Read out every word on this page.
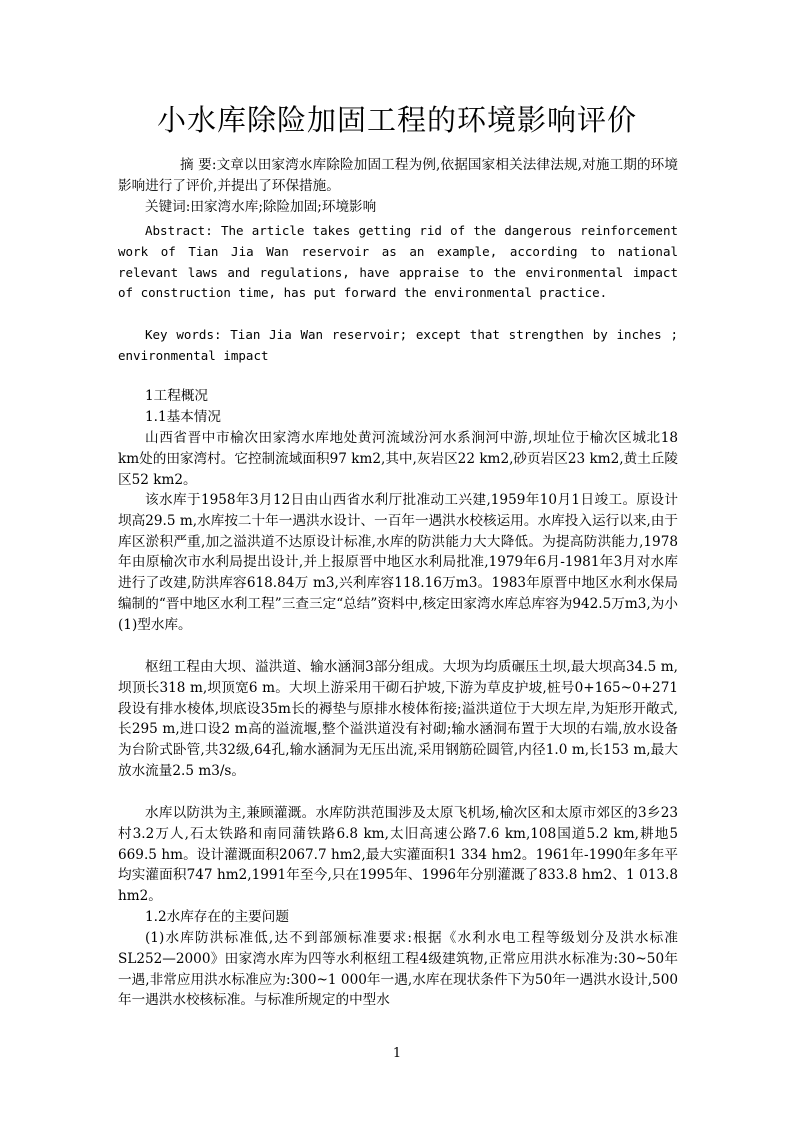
小水库除险加固工程的环境影响评价
摘 要:文章以田家湾水库除险加固工程为例,依据国家相关法律法规,对施工期的环境影响进行了评价,并提出了环保措施。
关键词:田家湾水库;除险加固;环境影响
Abstract: The article takes getting rid of the dangerous reinforcement work of Tian Jia Wan reservoir as an example, according to national relevant laws and regulations, have appraise to the environmental impact of construction time, has put forward the environmental practice.
Key words: Tian Jia Wan reservoir; except that strengthen by inches ; environmental impact
1工程概况
1.1基本情况
山西省晋中市榆次田家湾水库地处黄河流域汾河水系涧河中游,坝址位于榆次区城北18 km处的田家湾村。它控制流域面积97 km2,其中,灰岩区22 km2,砂页岩区23 km2,黄土丘陵区52 km2。
该水库于1958年3月12日由山西省水利厅批准动工兴建,1959年10月1日竣工。原设计坝高29.5 m,水库按二十年一遇洪水设计、一百年一遇洪水校核运用。水库投入运行以来,由于库区淤积严重,加之溢洪道不达原设计标准,水库的防洪能力大大降低。为提高防洪能力,1978年由原榆次市水利局提出设计,并上报原晋中地区水利局批准,1979年6月-1981年3月对水库进行了改建,防洪库容618.84万 m3,兴利库容118.16万m3。1983年原晋中地区水利水保局编制的“晋中地区水利工程”三查三定“总结”资料中,核定田家湾水库总库容为942.5万m3,为小(1)型水库。
枢纽工程由大坝、溢洪道、输水涵洞3部分组成。大坝为均质碾压土坝,最大坝高34.5 m,坝顶长318 m,坝顶宽6 m。大坝上游采用干砌石护坡,下游为草皮护坡,桩号0+165~0+271段设有排水棱体,坝底设35m长的褥垫与原排水棱体衔接;溢洪道位于大坝左岸,为矩形开敞式,长295 m,进口设2 m高的溢流堰,整个溢洪道没有衬砌;输水涵洞布置于大坝的右端,放水设备为台阶式卧管,共32级,64孔,输水涵洞为无压出流,采用钢筋砼圆管,内径1.0 m,长153 m,最大放水流量2.5 m3/s。
水库以防洪为主,兼顾灌溉。水库防洪范围涉及太原飞机场,榆次区和太原市郊区的3乡23村3.2万人,石太铁路和南同蒲铁路6.8 km,太旧高速公路7.6 km,108国道5.2 km,耕地5 669.5 hm。设计灌溉面积2067.7 hm2,最大实灌面积1 334 hm2。1961年-1990年多年平均实灌面积747 hm2,1991年至今,只在1995年、1996年分别灌溉了833.8 hm2、1 013.8 hm2。
1.2水库存在的主要问题
(1)水库防洪标准低,达不到部颁标准要求:根据《水利水电工程等级划分及洪水标准SL252—2000》田家湾水库为四等水利枢纽工程4级建筑物,正常应用洪水标准为:30~50年一遇,非常应用洪水标准应为:300~1 000年一遇,水库在现状条件下为50年一遇洪水设计,500年一遇洪水校核标准。与标准所规定的中型水
1
